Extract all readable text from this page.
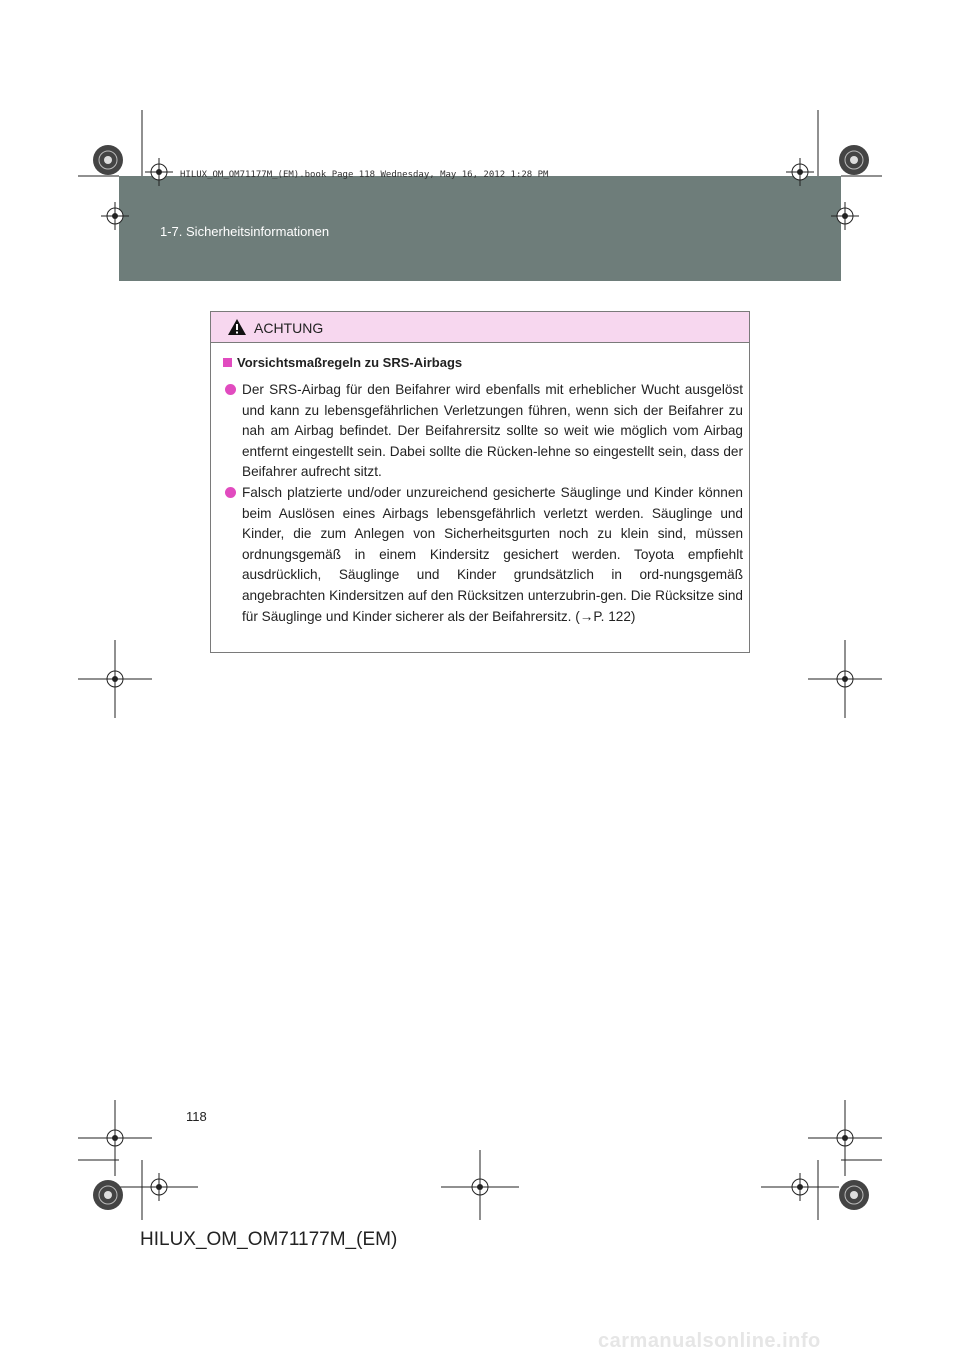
HILUX_OM_OM71177M_(EM).book Page 118 Wednesday, May 16, 2012 1:28 PM
1-7. Sicherheitsinformationen
ACHTUNG
Vorsichtsmaßregeln zu SRS-Airbags
Der SRS-Airbag für den Beifahrer wird ebenfalls mit erheblicher Wucht ausgelöst und kann zu lebensgefährlichen Verletzungen führen, wenn sich der Beifahrer zu nah am Airbag befindet. Der Beifahrersitz sollte so weit wie möglich vom Airbag entfernt eingestellt sein. Dabei sollte die Rücken-lehne so eingestellt sein, dass der Beifahrer aufrecht sitzt.
Falsch platzierte und/oder unzureichend gesicherte Säuglinge und Kinder können beim Auslösen eines Airbags lebensgefährlich verletzt werden. Säuglinge und Kinder, die zum Anlegen von Sicherheitsgurten noch zu klein sind, müssen ordnungsgemäß in einem Kindersitz gesichert werden. Toyota empfiehlt ausdrücklich, Säuglinge und Kinder grundsätzlich in ord-nungsgemäß angebrachten Kindersitzen auf den Rücksitzen unterzubrin-gen. Die Rücksitze sind für Säuglinge und Kinder sicherer als der Beifahrersitz. (→P. 122)
118
HILUX_OM_OM71177M_(EM)
carmanualsonline.info
